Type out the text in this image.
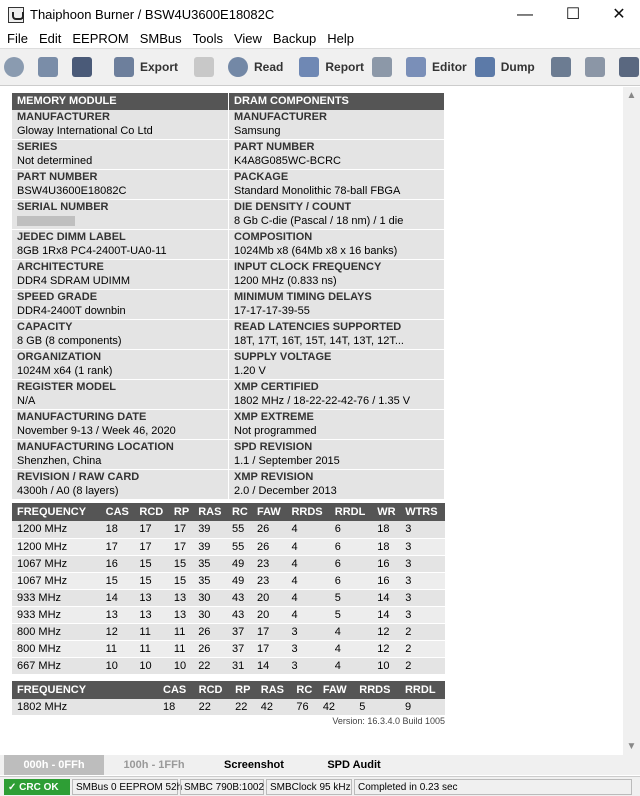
Thaiphoon Burner / BSW4U3600E18082C	—	☐	✕
File Edit EEPROM SMBus Tools View Backup Help
Export	Read	Report	Editor	Dump
MEMORY MODULE
MANUFACTURER
Gloway International Co Ltd
SERIES
Not determined
PART NUMBER
BSW4U3600E18082C
SERIAL NUMBER
JEDEC DIMM LABEL
8GB 1Rx8 PC4-2400T-UA0-11
ARCHITECTURE
DDR4 SDRAM UDIMM
SPEED GRADE
DDR4-2400T downbin
CAPACITY
8 GB (8 components)
ORGANIZATION
1024M x64 (1 rank)
REGISTER MODEL
N/A
MANUFACTURING DATE
November 9-13 / Week 46, 2020
MANUFACTURING LOCATION
Shenzhen, China
REVISION / RAW CARD
4300h / A0 (8 layers)
DRAM COMPONENTS
MANUFACTURER
Samsung
PART NUMBER
K4A8G085WC-BCRC
PACKAGE
Standard Monolithic 78-ball FBGA
DIE DENSITY / COUNT
8 Gb C-die (Pascal / 18 nm) / 1 die
COMPOSITION
1024Mb x8 (64Mb x8 x 16 banks)
INPUT CLOCK FREQUENCY
1200 MHz (0.833 ns)
MINIMUM TIMING DELAYS
17-17-17-39-55
READ LATENCIES SUPPORTED
18T, 17T, 16T, 15T, 14T, 13T, 12T...
SUPPLY VOLTAGE
1.20 V
XMP CERTIFIED
1802 MHz / 18-22-22-42-76 / 1.35 V
XMP EXTREME
Not programmed
SPD REVISION
1.1 / September 2015
XMP REVISION
2.0 / December 2013
FREQUENCY	CAS	RCD	RP	RAS	RC	FAW	RRDS	RRDL	WR	WTRS
1200 MHz	18	17	17	39	55	26	4	6	18	3
1200 MHz	17	17	17	39	55	26	4	6	18	3
1067 MHz	16	15	15	35	49	23	4	6	16	3
1067 MHz	15	15	15	35	49	23	4	6	16	3
933 MHz	14	13	13	30	43	20	4	5	14	3
933 MHz	13	13	13	30	43	20	4	5	14	3
800 MHz	12	11	11	26	37	17	3	4	12	2
800 MHz	11	11	11	26	37	17	3	4	12	2
667 MHz	10	10	10	22	31	14	3	4	10	2
FREQUENCY	CAS	RCD	RP	RAS	RC	FAW	RRDS	RRDL
1802 MHz	18	22	22	42	76	42	5	9
Version: 16.3.4.0 Build 1005
▲
▼
000h - 0FFh	100h - 1FFh	Screenshot	SPD Audit
✓ CRC OK	SMBus 0 EEPROM 52h SMBC 790B:1002 SMBClock 95 kHz Completed in 0.23 sec
